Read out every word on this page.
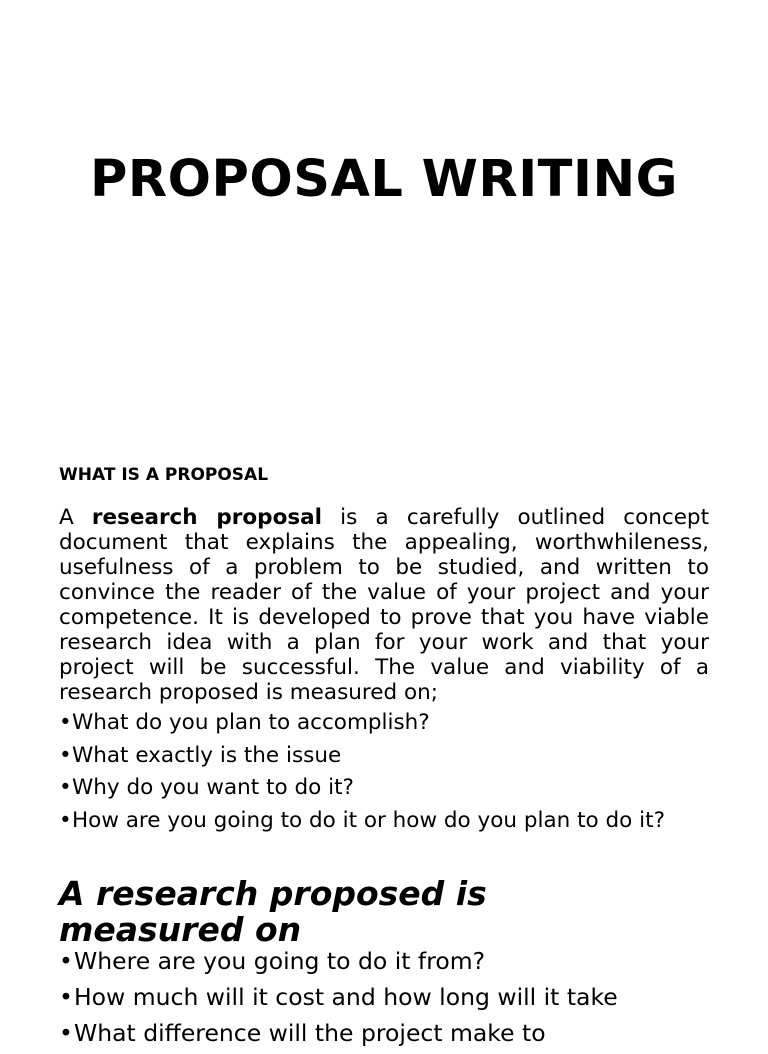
PROPOSAL WRITING
WHAT IS A PROPOSAL

A research proposal is a carefully outlined concept document that explains the appealing, worthwhileness, usefulness of a problem to be studied, and written to convince the reader of the value of your project and your competence. It is developed to prove that you have viable research idea with a plan for your work and that your project will be successful. The value and viability of a research proposed is measured on;

•What do you plan to accomplish?
•What exactly is the issue
•Why do you want to do it?
•How are you going to do it or how do you plan to do it?
A research proposed is
measured on
•Where are you going to do it from?
•How much will it cost and how long will it take
•What difference will the project make to
